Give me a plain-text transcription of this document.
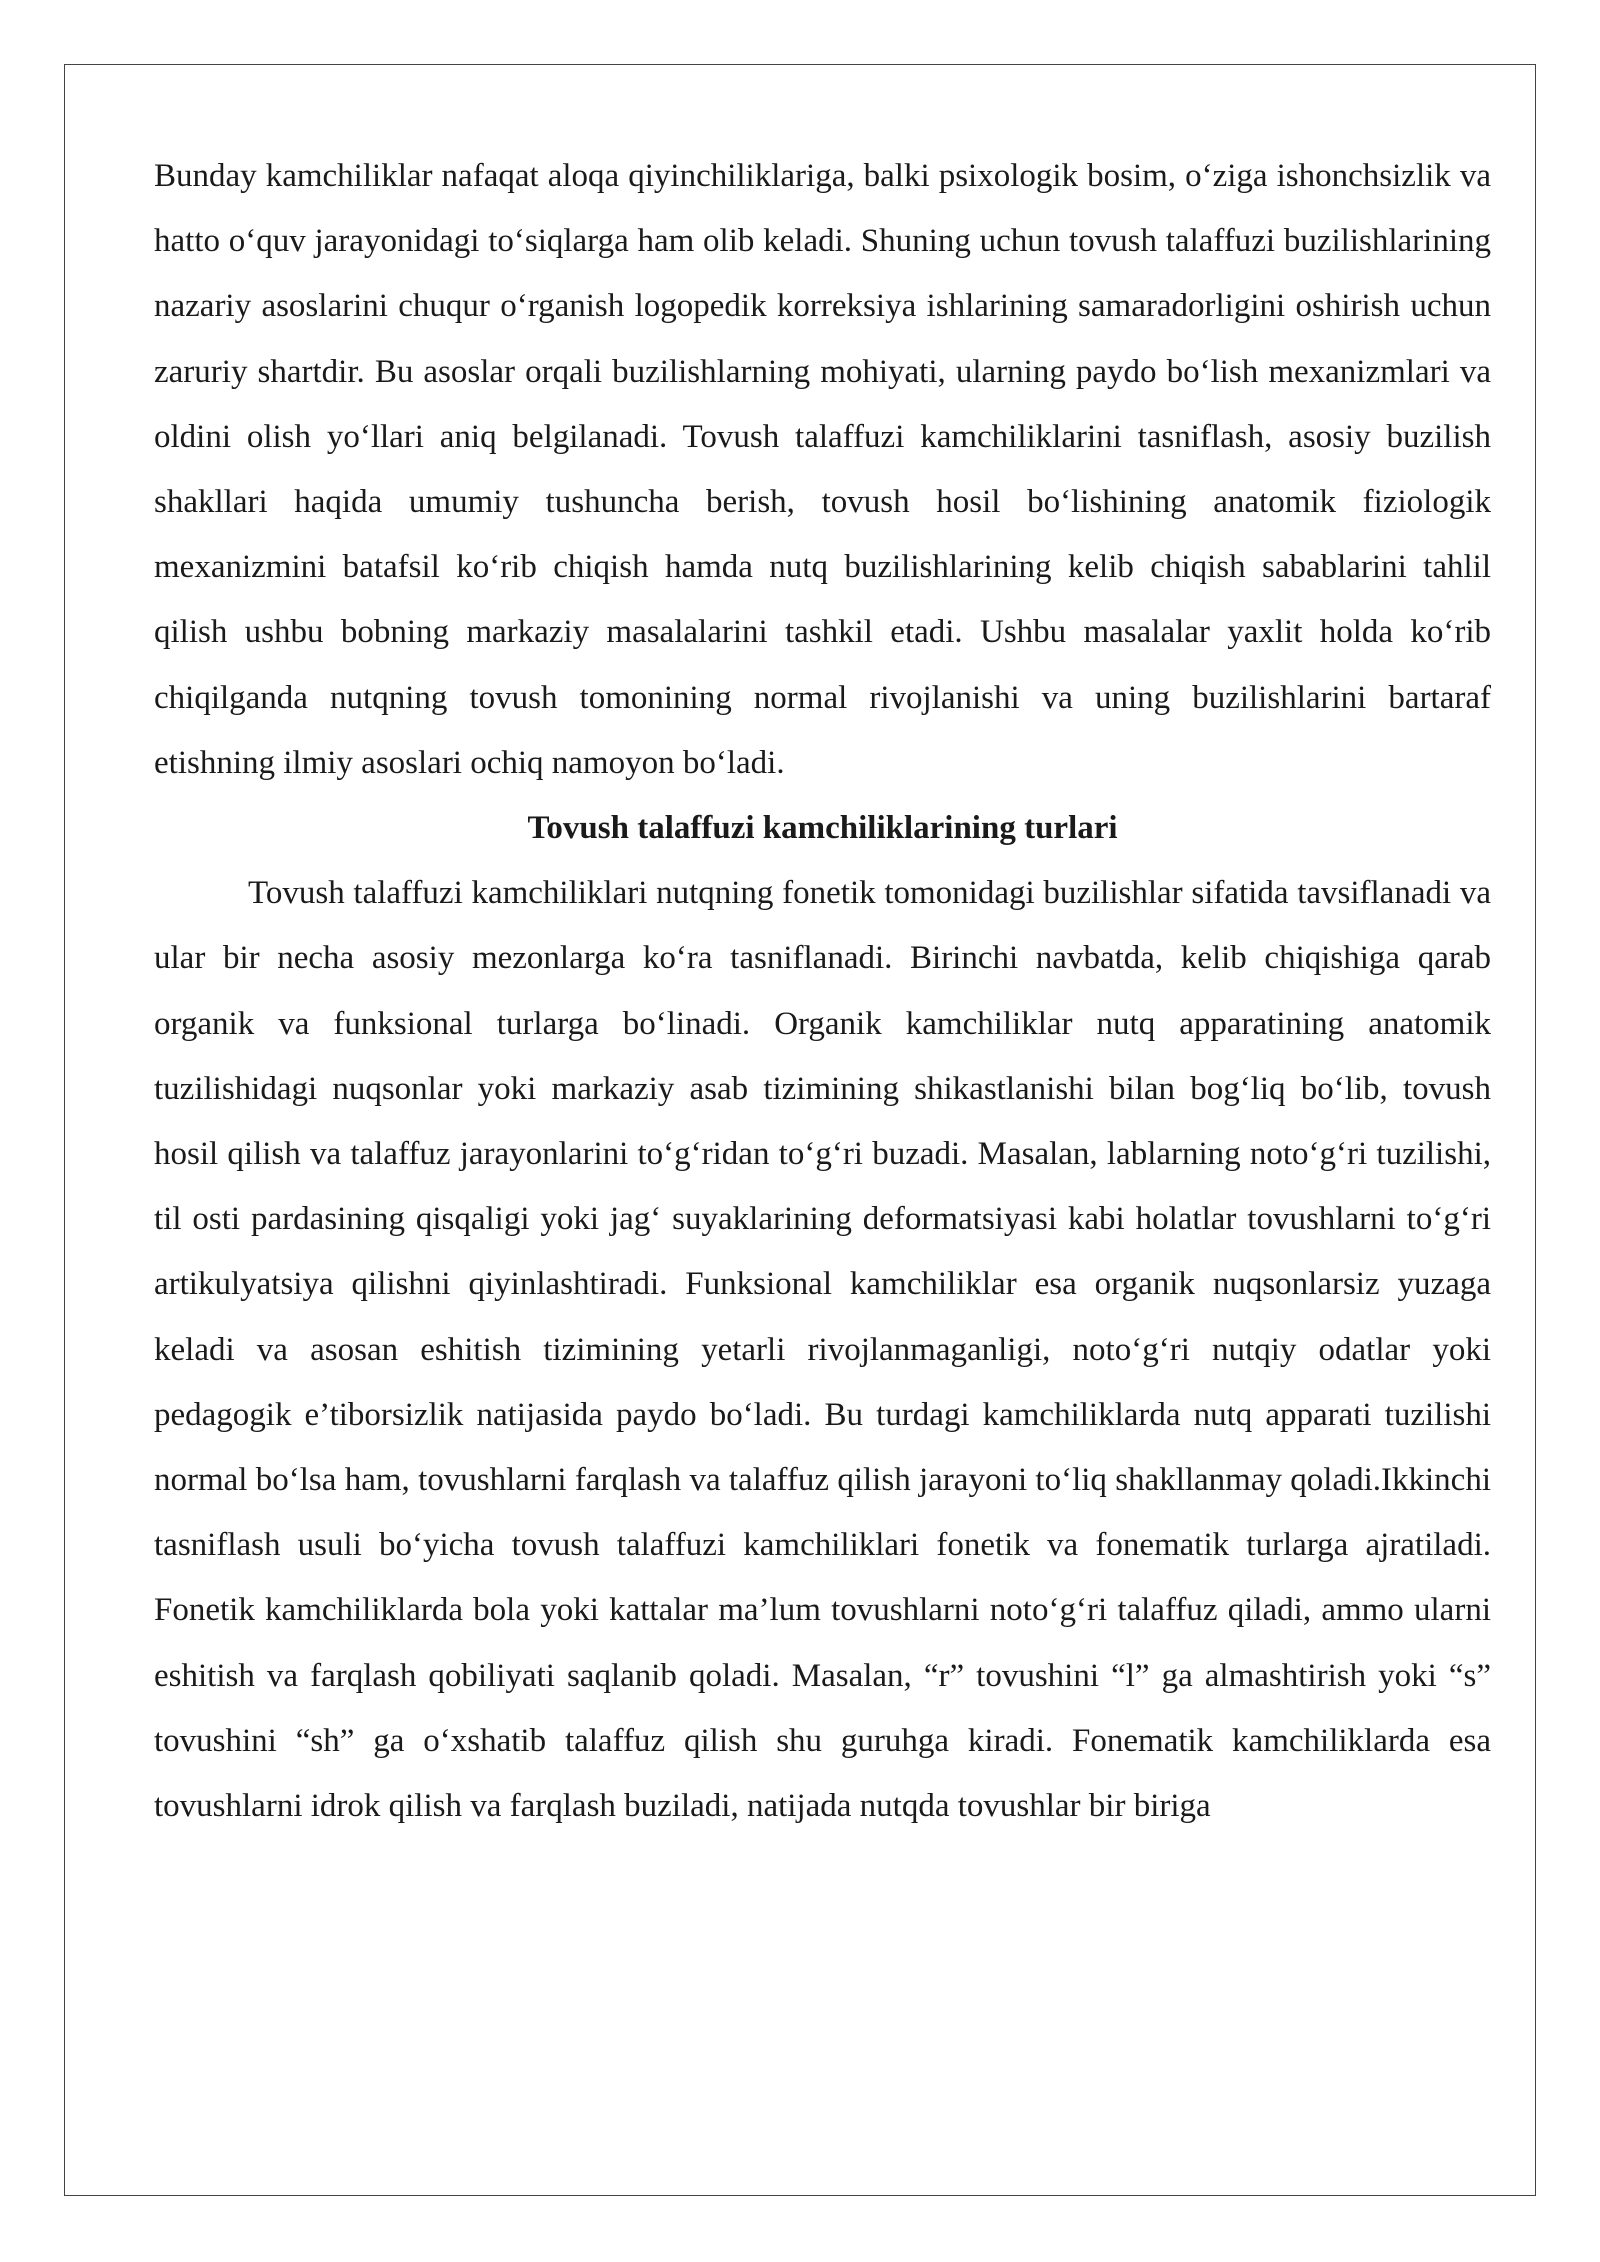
Bunday kamchiliklar nafaqat aloqa qiyinchiliklariga, balki psixologik bosim, o‘ziga ishonchsizlik va hatto o‘quv jarayonidagi to‘siqlarga ham olib keladi. Shuning uchun tovush talaffuzi buzilishlarining nazariy asoslarini chuqur o‘rganish logopedik korreksiya ishlarining samaradorligini oshirish uchun zaruriy shartdir. Bu asoslar orqali buzilishlarning mohiyati, ularning paydo bo‘lish mexanizmlari va oldini olish yo‘llari aniq belgilanadi. Tovush talaffuzi kamchiliklarini tasniflash, asosiy buzilish shakllari haqida umumiy tushuncha berish, tovush hosil bo‘lishining anatomik fiziologik mexanizmini batafsil ko‘rib chiqish hamda nutq buzilishlarining kelib chiqish sabablarini tahlil qilish ushbu bobning markaziy masalalarini tashkil etadi. Ushbu masalalar yaxlit holda ko‘rib chiqilganda nutqning tovush tomonining normal rivojlanishi va uning buzilishlarini bartaraf etishning ilmiy asoslari ochiq namoyon bo‘ladi.

Tovush talaffuzi kamchiliklarining turlari

Tovush talaffuzi kamchiliklari nutqning fonetik tomonidagi buzilishlar sifatida tavsiflanadi va ular bir necha asosiy mezonlarga ko‘ra tasniflanadi. Birinchi navbatda, kelib chiqishiga qarab organik va funksional turlarga bo‘linadi. Organik kamchiliklar nutq apparatining anatomik tuzilishidagi nuqsonlar yoki markaziy asab tizimining shikastlanishi bilan bog‘liq bo‘lib, tovush hosil qilish va talaffuz jarayonlarini to‘g‘ridan to‘g‘ri buzadi. Masalan, lablarning noto‘g‘ri tuzilishi, til osti pardasining qisqaligi yoki jag‘ suyaklarining deformatsiyasi kabi holatlar tovushlarni to‘g‘ri artikulyatsiya qilishni qiyinlashtiradi. Funksional kamchiliklar esa organik nuqsonlarsiz yuzaga keladi va asosan eshitish tizimining yetarli rivojlanmaganligi, noto‘g‘ri nutqiy odatlar yoki pedagogik e’tiborsizlik natijasida paydo bo‘ladi. Bu turdagi kamchiliklarda nutq apparati tuzilishi normal bo‘lsa ham, tovushlarni farqlash va talaffuz qilish jarayoni to‘liq shakllanmay qoladi.Ikkinchi tasniflash usuli bo‘yicha tovush talaffuzi kamchiliklari fonetik va fonematik turlarga ajratiladi. Fonetik kamchiliklarda bola yoki kattalar ma’lum tovushlarni noto‘g‘ri talaffuz qiladi, ammo ularni eshitish va farqlash qobiliyati saqlanib qoladi. Masalan, “r” tovushini “l” ga almashtirish yoki “s” tovushini “sh” ga o‘xshatib talaffuz qilish shu guruhga kiradi. Fonematik kamchiliklarda esa tovushlarni idrok qilish va farqlash buziladi, natijada nutqda tovushlar bir biriga
